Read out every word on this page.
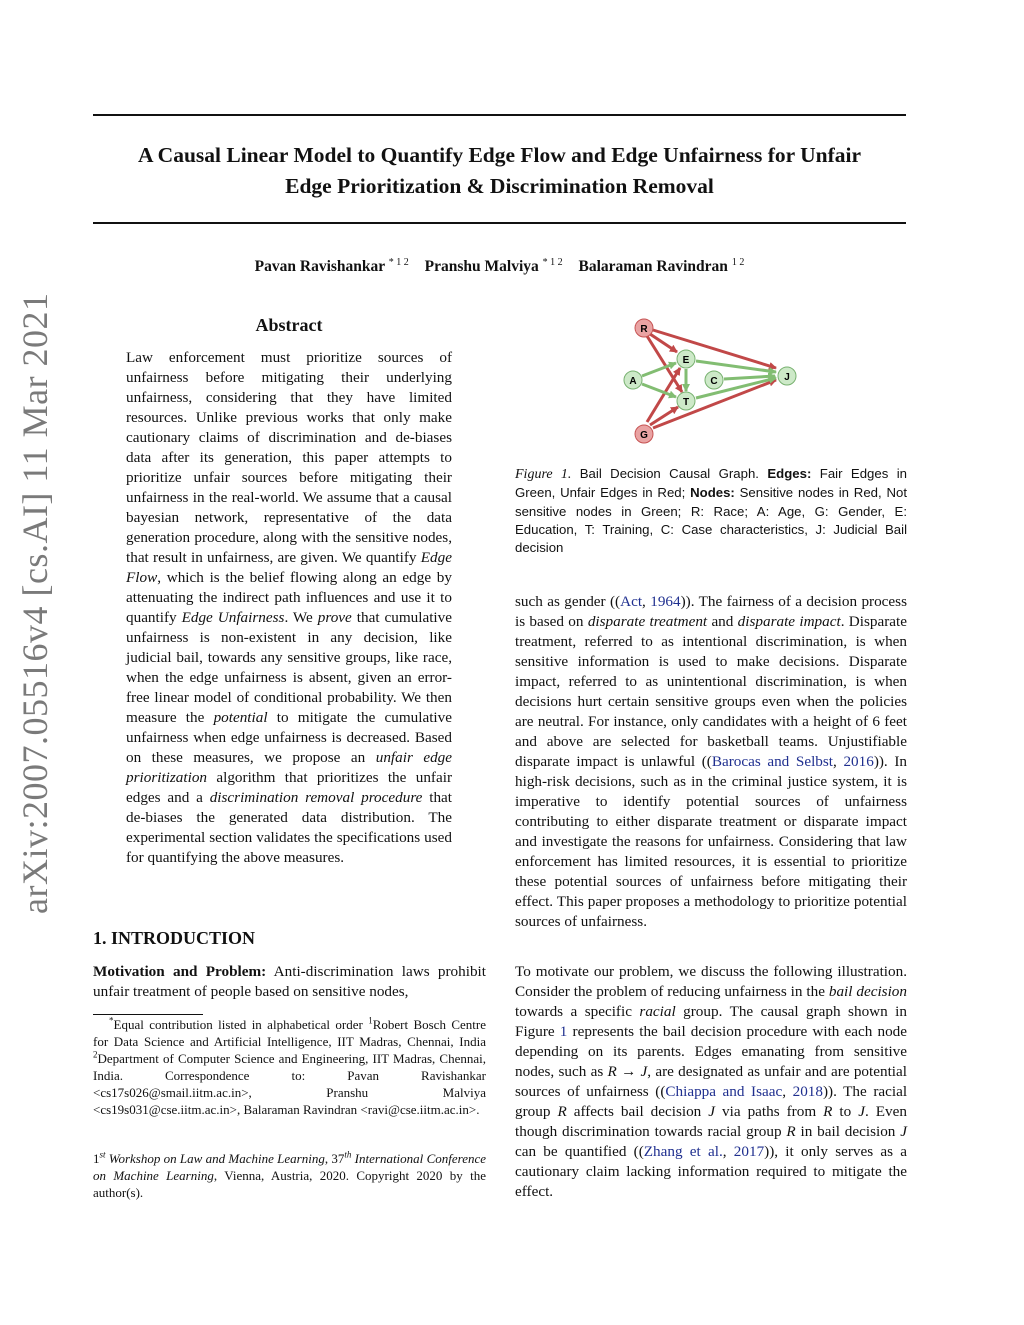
arXiv:2007.05516v4 [cs.AI] 11 Mar 2021
A Causal Linear Model to Quantify Edge Flow and Edge Unfairness for Unfair
Edge Prioritization & Discrimination Removal
Pavan Ravishankar $^{* 1 2}$ Pranshu Malviya $^{* 1 2}$ Balaraman Ravindran $^{1 2}$
Abstract

Law enforcement must prioritize sources of unfairness before mitigating their underlying unfairness, considering that they have limited resources. Unlike previous works that only make cautionary claims of discrimination and de-biases data after its generation, this paper attempts to prioritize unfair sources before mitigating their unfairness in the real-world. We assume that a causal bayesian network, representative of the data generation procedure, along with the sensitive nodes, that result in unfairness, are given. We quantify Edge Flow, which is the belief flowing along an edge by attenuating the indirect path influences and use it to quantify Edge Unfairness. We prove that cumulative unfairness is non-existent in any decision, like judicial bail, towards any sensitive groups, like race, when the edge unfairness is absent, given an error-free linear model of conditional probability. We then measure the potential to mitigate the cumulative unfairness when edge unfairness is decreased. Based on these measures, we propose an unfair edge prioritization algorithm that prioritizes the unfair edges and a discrimination removal procedure that de-biases the generated data distribution. The experimental section validates the specifications used for quantifying the above measures.

1. INTRODUCTION

Motivation and Problem: Anti-discrimination laws prohibit unfair treatment of people based on sensitive nodes,

*Equal contribution listed in alphabetical order $^1$Robert Bosch Centre for Data Science and Artificial Intelligence, IIT Madras, Chennai, India $^2$Department of Computer Science and Engineering, IIT Madras, Chennai, India. Correspondence to: Pavan Ravishankar <cs17s026@smail.iitm.ac.in>, Pranshu Malviya <cs19s031@cse.iitm.ac.in>, Balaraman Ravindran <ravi@cse.iitm.ac.in>.
1st Workshop on Law and Machine Learning, 37th International Conference on Machine Learning, Vienna, Austria, 2020. Copyright 2020 by the author(s).
R
E
A	C	J
T
G
Figure 1. Bail Decision Causal Graph. Edges: Fair Edges in Green, Unfair Edges in Red; Nodes: Sensitive nodes in Red, Not sensitive nodes in Green; R: Race; A: Age, G: Gender, E: Education, T: Training, C: Case characteristics, J: Judicial Bail decision

such as gender ((Act, 1964)). The fairness of a decision process is based on disparate treatment and disparate impact. Disparate treatment, referred to as intentional discrimination, is when sensitive information is used to make decisions. Disparate impact, referred to as unintentional discrimination, is when decisions hurt certain sensitive groups even when the policies are neutral. For instance, only candidates with a height of 6 feet and above are selected for basketball teams. Unjustifiable disparate impact is unlawful ((Barocas and Selbst, 2016)). In high-risk decisions, such as in the criminal justice system, it is imperative to identify potential sources of unfairness contributing to either disparate treatment or disparate impact and investigate the reasons for unfairness. Considering that law enforcement has limited resources, it is essential to prioritize these potential sources of unfairness before mitigating their effect. This paper proposes a methodology to prioritize potential sources of unfairness.

To motivate our problem, we discuss the following illustration. Consider the problem of reducing unfairness in the bail decision towards a specific racial group. The causal graph shown in Figure 1 represents the bail decision procedure with each node depending on its parents. Edges emanating from sensitive nodes, such as R → J, are designated as unfair and are potential sources of unfairness ((Chiappa and Isaac, 2018)). The racial group R affects bail decision J via paths from R to J. Even though discrimination towards racial group R in bail decision J can be quantified ((Zhang et al., 2017)), it only serves as a cautionary claim lacking information required to mitigate the effect.
